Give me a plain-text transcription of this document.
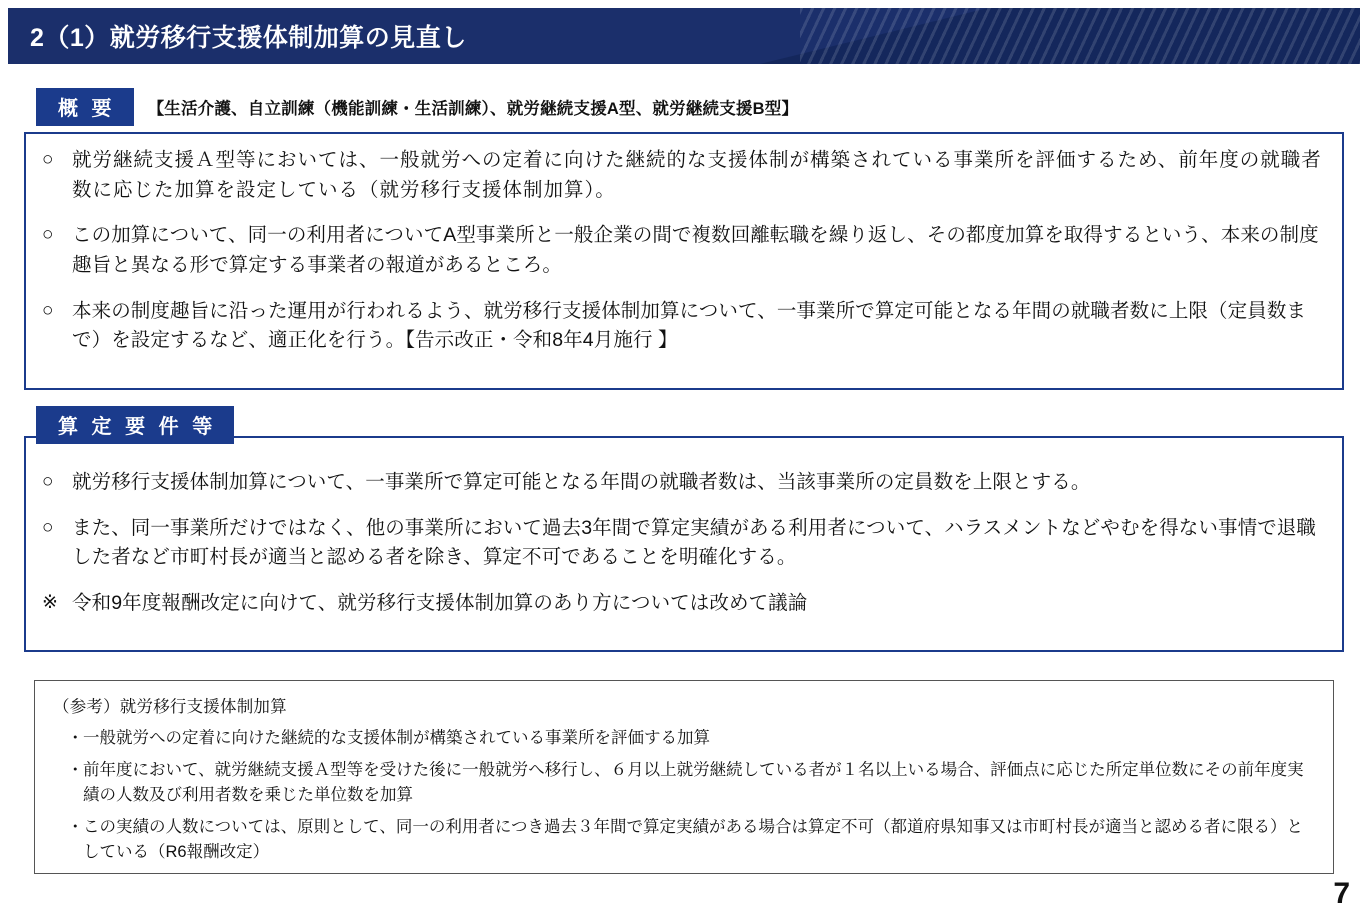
2（1）就労移行支援体制加算の見直し
概 要	【生活介護、自立訓練（機能訓練・生活訓練）、就労継続支援A型、就労継続支援B型】
○ 就労継続支援Ａ型等においては、一般就労への定着に向けた継続的な支援体制が構築されている事業所を評価するため、前年度の就職者数に応じた加算を設定している（就労移行支援体制加算）。
○ この加算について、同一の利用者についてA型事業所と一般企業の間で複数回離転職を繰り返し、その都度加算を取得するという、本来の制度趣旨と異なる形で算定する事業者の報道があるところ。
○ 本来の制度趣旨に沿った運用が行われるよう、就労移行支援体制加算について、一事業所で算定可能となる年間の就職者数に上限（定員数まで）を設定するなど、適正化を行う。【告示改正・令和8年4月施行 】
算 定 要 件 等
○ 就労移行支援体制加算について、一事業所で算定可能となる年間の就職者数は、当該事業所の定員数を上限とする。
○ また、同一事業所だけではなく、他の事業所において過去3年間で算定実績がある利用者について、ハラスメントなどやむを得ない事情で退職した者など市町村長が適当と認める者を除き、算定不可であることを明確化する。
※ 令和9年度報酬改定に向けて、就労移行支援体制加算のあり方については改めて議論
（参考）就労移行支援体制加算
・ 一般就労への定着に向けた継続的な支援体制が構築されている事業所を評価する加算
・ 前年度において、就労継続支援Ａ型等を受けた後に一般就労へ移行し、６月以上就労継続している者が１名以上いる場合、評価点に応じた所定単位数にその前年度実績の人数及び利用者数を乗じた単位数を加算
・ この実績の人数については、原則として、同一の利用者につき過去３年間で算定実績がある場合は算定不可（都道府県知事又は市町村長が適当と認める者に限る）としている（R6報酬改定）
7
